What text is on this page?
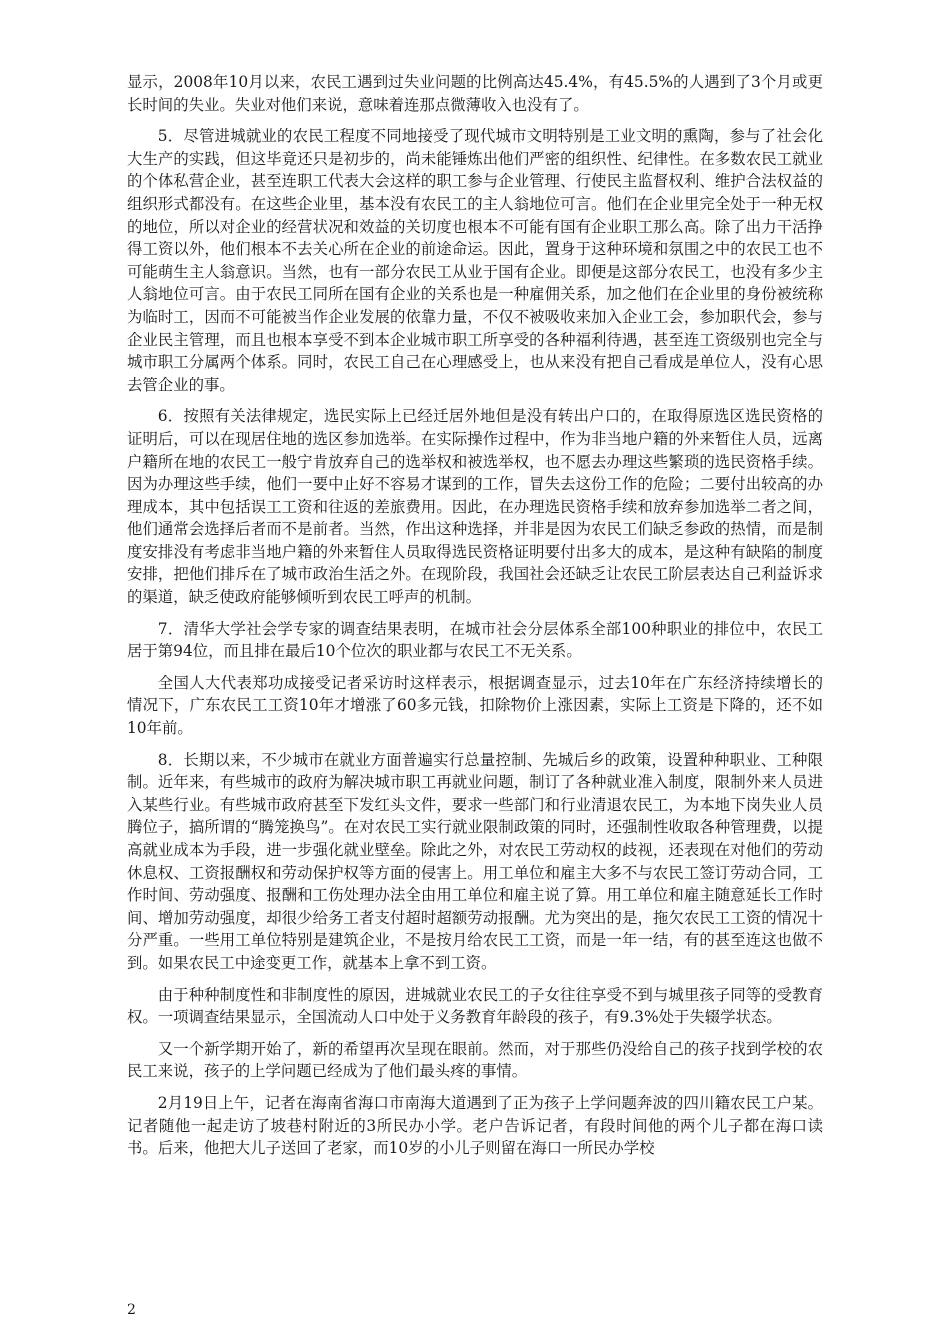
显示，2008年10月以来，农民工遇到过失业问题的比例高达45.4%，有45.5%的人遇到了3个月或更长时间的失业。失业对他们来说，意味着连那点微薄收入也没有了。

5．尽管进城就业的农民工程度不同地接受了现代城市文明特别是工业文明的熏陶，参与了社会化大生产的实践，但这毕竟还只是初步的，尚未能锤炼出他们严密的组织性、纪律性。在多数农民工就业的个体私营企业，甚至连职工代表大会这样的职工参与企业管理、行使民主监督权利、维护合法权益的组织形式都没有。在这些企业里，基本没有农民工的主人翁地位可言。他们在企业里完全处于一种无权的地位，所以对企业的经营状况和效益的关切度也根本不可能有国有企业职工那么高。除了出力干活挣得工资以外，他们根本不去关心所在企业的前途命运。因此，置身于这种环境和氛围之中的农民工也不可能萌生主人翁意识。当然，也有一部分农民工从业于国有企业。即便是这部分农民工，也没有多少主人翁地位可言。由于农民工同所在国有企业的关系也是一种雇佣关系，加之他们在企业里的身份被统称为临时工，因而不可能被当作企业发展的依靠力量，不仅不被吸收来加入企业工会，参加职代会，参与企业民主管理，而且也根本享受不到本企业城市职工所享受的各种福利待遇，甚至连工资级别也完全与城市职工分属两个体系。同时，农民工自己在心理感受上，也从来没有把自己看成是单位人，没有心思去管企业的事。

6．按照有关法律规定，选民实际上已经迁居外地但是没有转出户口的，在取得原选区选民资格的证明后，可以在现居住地的选区参加选举。在实际操作过程中，作为非当地户籍的外来暂住人员，远离户籍所在地的农民工一般宁肯放弃自己的选举权和被选举权，也不愿去办理这些繁琐的选民资格手续。因为办理这些手续，他们一要中止好不容易才谋到的工作，冒失去这份工作的危险；二要付出较高的办理成本，其中包括误工工资和往返的差旅费用。因此，在办理选民资格手续和放弃参加选举二者之间，他们通常会选择后者而不是前者。当然，作出这种选择，并非是因为农民工们缺乏参政的热情，而是制度安排没有考虑非当地户籍的外来暂住人员取得选民资格证明要付出多大的成本，是这种有缺陷的制度安排，把他们排斥在了城市政治生活之外。在现阶段，我国社会还缺乏让农民工阶层表达自己利益诉求的渠道，缺乏使政府能够倾听到农民工呼声的机制。

7．清华大学社会学专家的调查结果表明，在城市社会分层体系全部100种职业的排位中，农民工居于第94位，而且排在最后10个位次的职业都与农民工不无关系。

全国人大代表郑功成接受记者采访时这样表示，根据调查显示，过去10年在广东经济持续增长的情况下，广东农民工工资10年才增涨了60多元钱，扣除物价上涨因素，实际上工资是下降的，还不如10年前。

8．长期以来，不少城市在就业方面普遍实行总量控制、先城后乡的政策，设置种种职业、工种限制。近年来，有些城市的政府为解决城市职工再就业问题，制订了各种就业准入制度，限制外来人员进入某些行业。有些城市政府甚至下发红头文件，要求一些部门和行业清退农民工，为本地下岗失业人员腾位子，搞所谓的“腾笼换鸟”。在对农民工实行就业限制政策的同时，还强制性收取各种管理费，以提高就业成本为手段，进一步强化就业壁垒。除此之外，对农民工劳动权的歧视，还表现在对他们的劳动休息权、工资报酬权和劳动保护权等方面的侵害上。用工单位和雇主大多不与农民工签订劳动合同，工作时间、劳动强度、报酬和工伤处理办法全由用工单位和雇主说了算。用工单位和雇主随意延长工作时间、增加劳动强度，却很少给务工者支付超时超额劳动报酬。尤为突出的是，拖欠农民工工资的情况十分严重。一些用工单位特别是建筑企业，不是按月给农民工工资，而是一年一结，有的甚至连这也做不到。如果农民工中途变更工作，就基本上拿不到工资。

由于种种制度性和非制度性的原因，进城就业农民工的子女往往享受不到与城里孩子同等的受教育权。一项调查结果显示，全国流动人口中处于义务教育年龄段的孩子，有9.3%处于失辍学状态。

又一个新学期开始了，新的希望再次呈现在眼前。然而，对于那些仍没给自己的孩子找到学校的农民工来说，孩子的上学问题已经成为了他们最头疼的事情。

2月19日上午，记者在海南省海口市南海大道遇到了正为孩子上学问题奔波的四川籍农民工户某。记者随他一起走访了坡巷村附近的3所民办小学。老户告诉记者，有段时间他的两个儿子都在海口读书。后来，他把大儿子送回了老家，而10岁的小儿子则留在海口一所民办学校

2
